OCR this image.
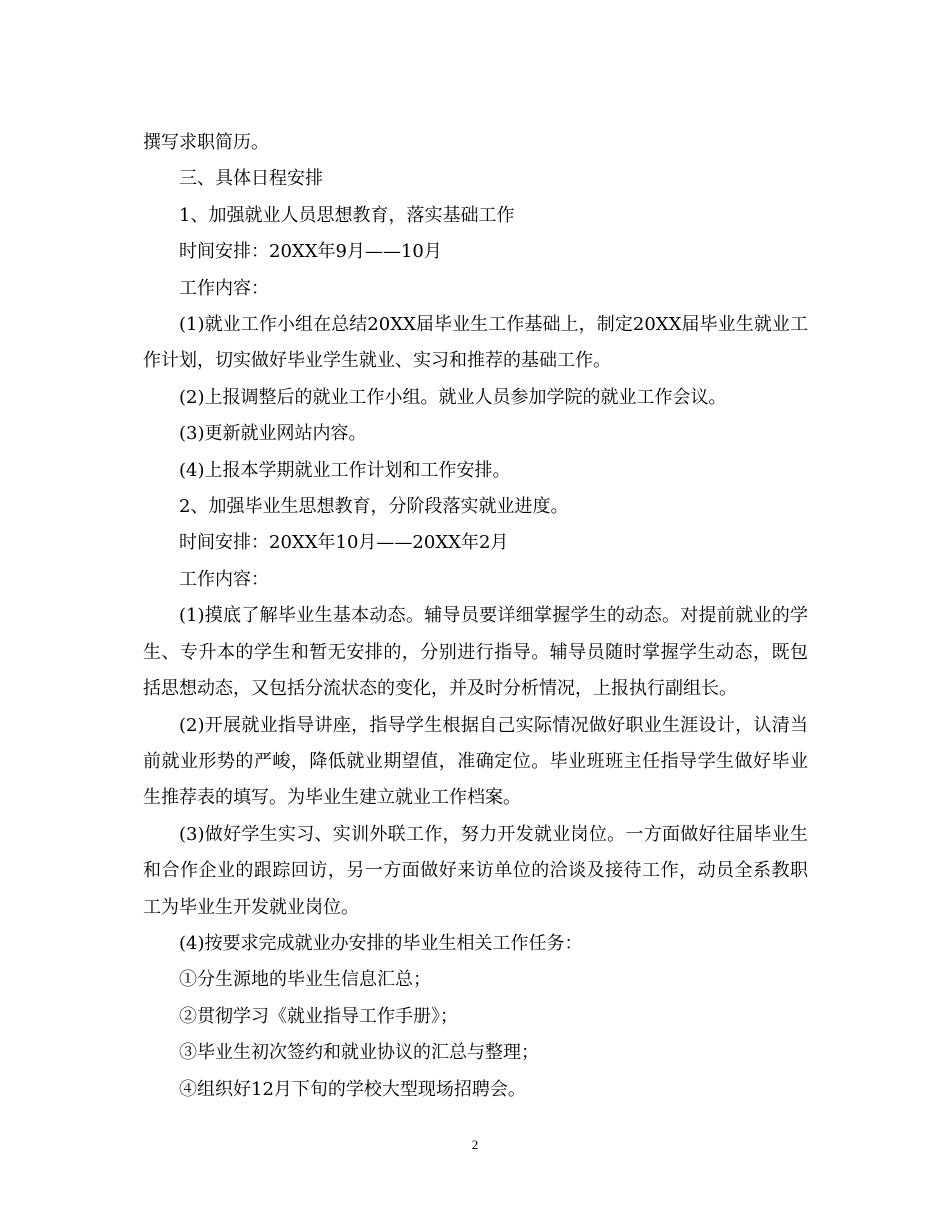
撰写求职简历。

三、具体日程安排

1、加强就业人员思想教育，落实基础工作

时间安排：20XX年9月——10月

工作内容：

(1)就业工作小组在总结20XX届毕业生工作基础上，制定20XX届毕业生就业工作计划，切实做好毕业学生就业、实习和推荐的基础工作。

(2)上报调整后的就业工作小组。就业人员参加学院的就业工作会议。

(3)更新就业网站内容。

(4)上报本学期就业工作计划和工作安排。

2、加强毕业生思想教育，分阶段落实就业进度。

时间安排：20XX年10月——20XX年2月

工作内容：

(1)摸底了解毕业生基本动态。辅导员要详细掌握学生的动态。对提前就业的学生、专升本的学生和暂无安排的，分别进行指导。辅导员随时掌握学生动态，既包括思想动态，又包括分流状态的变化，并及时分析情况，上报执行副组长。

(2)开展就业指导讲座，指导学生根据自己实际情况做好职业生涯设计，认清当前就业形势的严峻，降低就业期望值，准确定位。毕业班班主任指导学生做好毕业生推荐表的填写。为毕业生建立就业工作档案。

(3)做好学生实习、实训外联工作，努力开发就业岗位。一方面做好往届毕业生和合作企业的跟踪回访，另一方面做好来访单位的洽谈及接待工作，动员全系教职工为毕业生开发就业岗位。

(4)按要求完成就业办安排的毕业生相关工作任务：

①分生源地的毕业生信息汇总；

②贯彻学习《就业指导工作手册》；

③毕业生初次签约和就业协议的汇总与整理；

④组织好12月下旬的学校大型现场招聘会。

2
